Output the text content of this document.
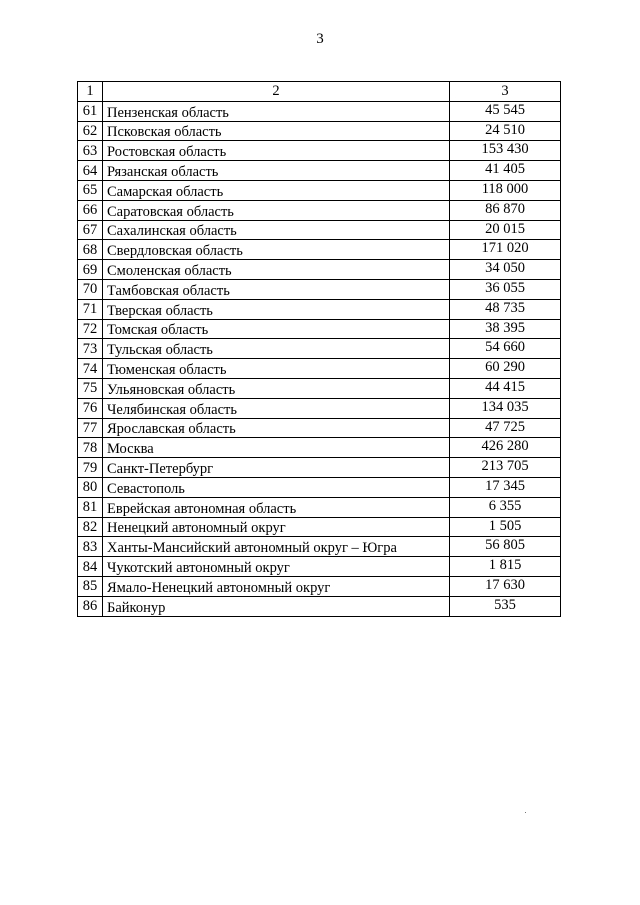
3
1	2	3
61	Пензенская область	45 545
62	Псковская область	24 510
63	Ростовская область	153 430
64	Рязанская область	41 405
65	Самарская область	118 000
66	Саратовская область	86 870
67	Сахалинская область	20 015
68	Свердловская область	171 020
69	Смоленская область	34 050
70	Тамбовская область	36 055
71	Тверская область	48 735
72	Томская область	38 395
73	Тульская область	54 660
74	Тюменская область	60 290
75	Ульяновская область	44 415
76	Челябинская область	134 035
77	Ярославская область	47 725
78	Москва	426 280
79	Санкт-Петербург	213 705
80	Севастополь	17 345
81	Еврейская автономная область	6 355
82	Ненецкий автономный округ	1 505
83	Ханты-Мансийский автономный округ – Югра	56 805
84	Чукотский автономный округ	1 815
85	Ямало-Ненецкий автономный округ	17 630
86	Байконур	535
